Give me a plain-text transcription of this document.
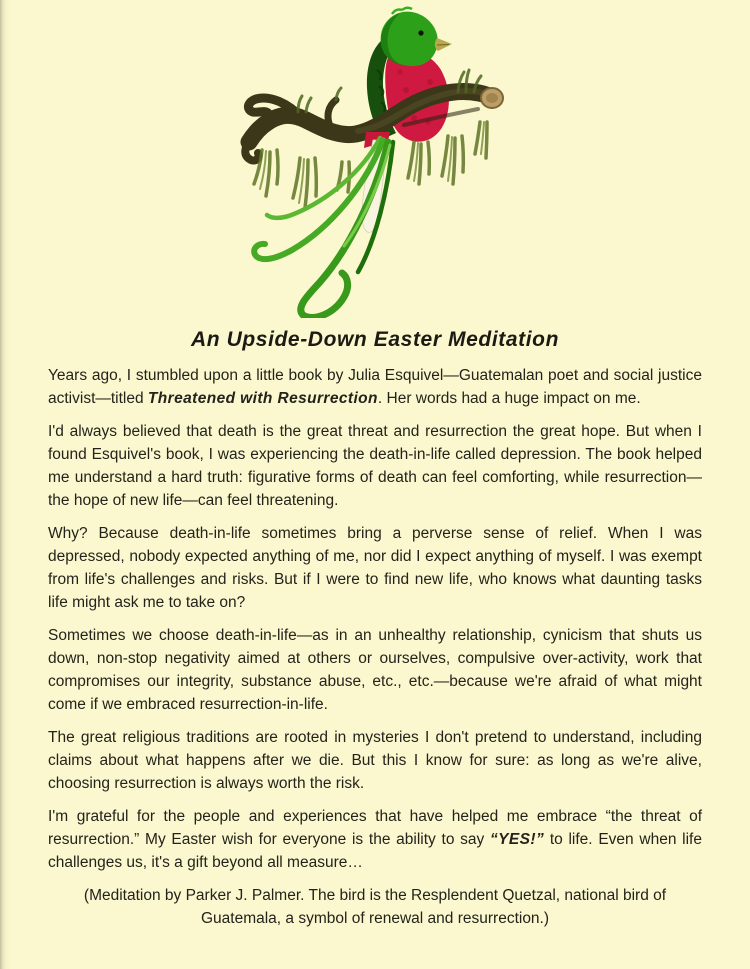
An Upside-Down Easter Meditation

Years ago, I stumbled upon a little book by Julia Esquivel—Guatemalan poet and social justice activist—titled Threatened with Resurrection. Her words had a huge impact on me.

I'd always believed that death is the great threat and resurrection the great hope. But when I found Esquivel's book, I was experiencing the death-in-life called depression. The book helped me understand a hard truth: figurative forms of death can feel comforting, while resurrection—the hope of new life—can feel threatening.

Why? Because death-in-life sometimes bring a perverse sense of relief. When I was depressed, nobody expected anything of me, nor did I expect anything of myself. I was exempt from life's challenges and risks. But if I were to find new life, who knows what daunting tasks life might ask me to take on?

Sometimes we choose death-in-life—as in an unhealthy relationship, cynicism that shuts us down, non-stop negativity aimed at others or ourselves, compulsive over-activity, work that compromises our integrity, substance abuse, etc., etc.—because we're afraid of what might come if we embraced resurrection-in-life.

The great religious traditions are rooted in mysteries I don't pretend to understand, including claims about what happens after we die. But this I know for sure: as long as we're alive, choosing resurrection is always worth the risk.

I'm grateful for the people and experiences that have helped me embrace “the threat of resurrection.” My Easter wish for everyone is the ability to say “YES!” to life. Even when life challenges us, it's a gift beyond all measure…

(Meditation by Parker J. Palmer. The bird is the Resplendent Quetzal, national bird of
Guatemala, a symbol of renewal and resurrection.)
